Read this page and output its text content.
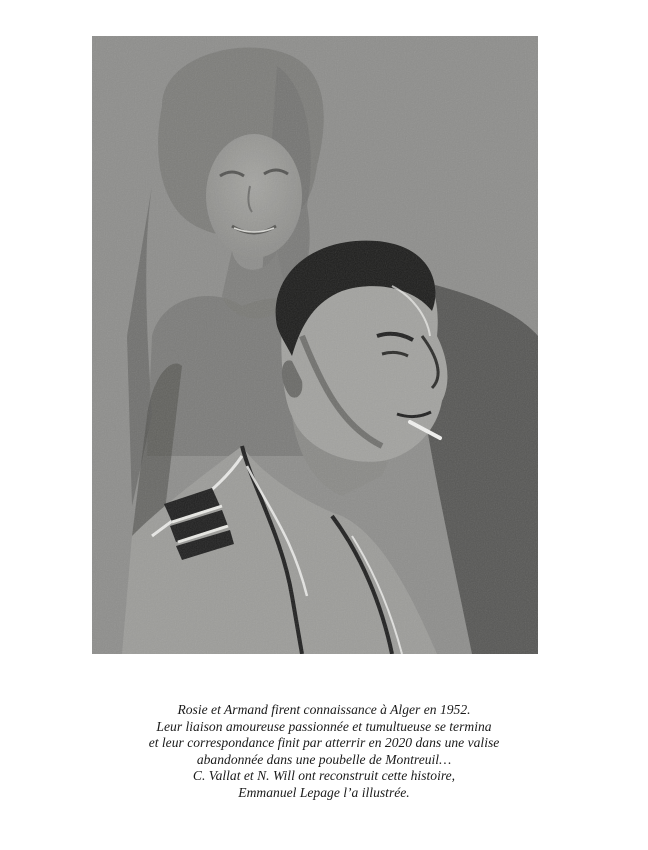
Rosie et Armand firent connaissance à Alger en 1952.
Leur liaison amoureuse passionnée et tumultueuse se termina
et leur correspondance finit par atterrir en 2020 dans une valise
abandonnée dans une poubelle de Montreuil…
C. Vallat et N. Will ont reconstruit cette histoire,
Emmanuel Lepage l’a illustrée.
